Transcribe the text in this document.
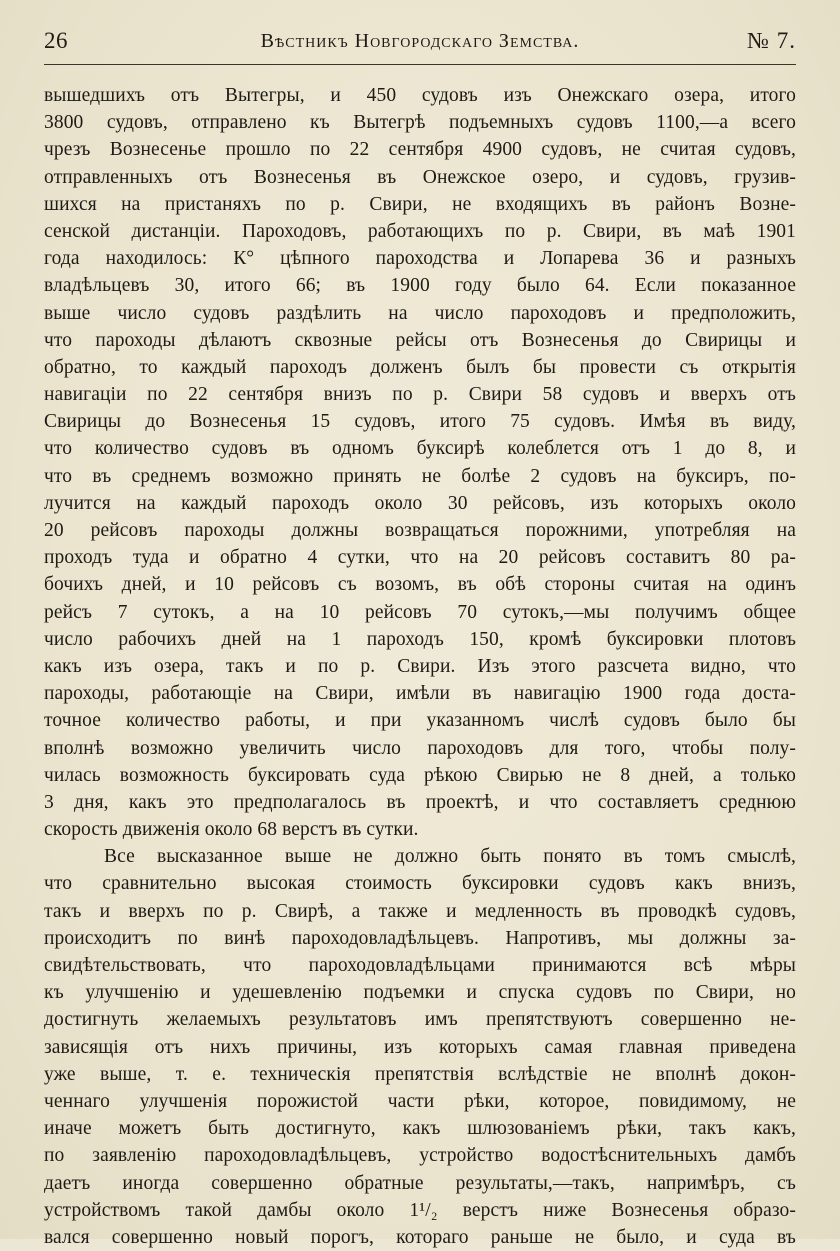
26	Вѣстникъ Новгородскаго Земства.	№ 7.
вышедшихъ отъ Вытегры, и 450 судовъ изъ Онежскаго озера, итого
3800 судовъ, отправлено къ Вытегрѣ подъемныхъ судовъ 1100,—а всего
чрезъ Вознесенье прошло по 22 сентября 4900 судовъ, не считая судовъ,
отправленныхъ отъ Вознесенья въ Онежское озеро, и судовъ, грузив-
шихся на пристаняхъ по р. Свири, не входящихъ въ районъ Возне-
сенской дистанціи. Пароходовъ, работающихъ по р. Свири, въ маѣ 1901
года находилось: К° цѣпного пароходства и Лопарева 36 и разныхъ
владѣльцевъ 30, итого 66; въ 1900 году было 64. Если показанное
выше число судовъ раздѣлить на число пароходовъ и предположить,
что пароходы дѣлаютъ сквозные рейсы отъ Вознесенья до Свирицы и
обратно, то каждый пароходъ долженъ былъ бы провести съ открытія
навигаціи по 22 сентября внизъ по р. Свири 58 судовъ и вверхъ отъ
Свирицы до Вознесенья 15 судовъ, итого 75 судовъ. Имѣя въ виду,
что количество судовъ въ одномъ буксирѣ колеблется отъ 1 до 8, и
что въ среднемъ возможно принять не болѣе 2 судовъ на буксиръ, по-
лучится на каждый пароходъ около 30 рейсовъ, изъ которыхъ около
20 рейсовъ пароходы должны возвращаться порожними, употребляя на
проходъ туда и обратно 4 сутки, что на 20 рейсовъ составитъ 80 ра-
бочихъ дней, и 10 рейсовъ съ возомъ, въ обѣ стороны считая на одинъ
рейсъ 7 сутокъ, а на 10 рейсовъ 70 сутокъ,—мы получимъ общее
число рабочихъ дней на 1 пароходъ 150, кромѣ буксировки плотовъ
какъ изъ озера, такъ и по р. Свири. Изъ этого разсчета видно, что
пароходы, работающіе на Свири, имѣли въ навигацію 1900 года доста-
точное количество работы, и при указанномъ числѣ судовъ было бы
вполнѣ возможно увеличить число пароходовъ для того, чтобы полу-
чилась возможность буксировать суда рѣкою Свирью не 8 дней, а только
3 дня, какъ это предполагалось въ проектѣ, и что составляетъ среднюю
скорость движенія около 68 верстъ въ сутки.
Все высказанное выше не должно быть понято въ томъ смыслѣ,
что сравнительно высокая стоимость буксировки судовъ какъ внизъ,
такъ и вверхъ по р. Свирѣ, а также и медленность въ проводкѣ судовъ,
происходитъ по винѣ пароходовладѣльцевъ. Напротивъ, мы должны за-
свидѣтельствовать, что пароходовладѣльцами принимаются всѣ мѣры
къ улучшенію и удешевленію подъемки и спуска судовъ по Свири, но
достигнуть желаемыхъ результатовъ имъ препятствуютъ совершенно не-
зависящія отъ нихъ причины, изъ которыхъ самая главная приведена
уже выше, т. е. техническія препятствія вслѣдствіе не вполнѣ докон-
ченнаго улучшенія порожистой части рѣки, которое, повидимому, не
иначе можетъ быть достигнуто, какъ шлюзованіемъ рѣки, такъ какъ,
по заявленію пароходовладѣльцевъ, устройство водостѣснительныхъ дамбъ
даетъ иногда совершенно обратные результаты,—такъ, напримѣръ, съ
устройствомъ такой дамбы около 1¹/₂ верстъ ниже Вознесенья образо-
вался совершенно новый порогъ, котораго раньше не было, и суда въ
